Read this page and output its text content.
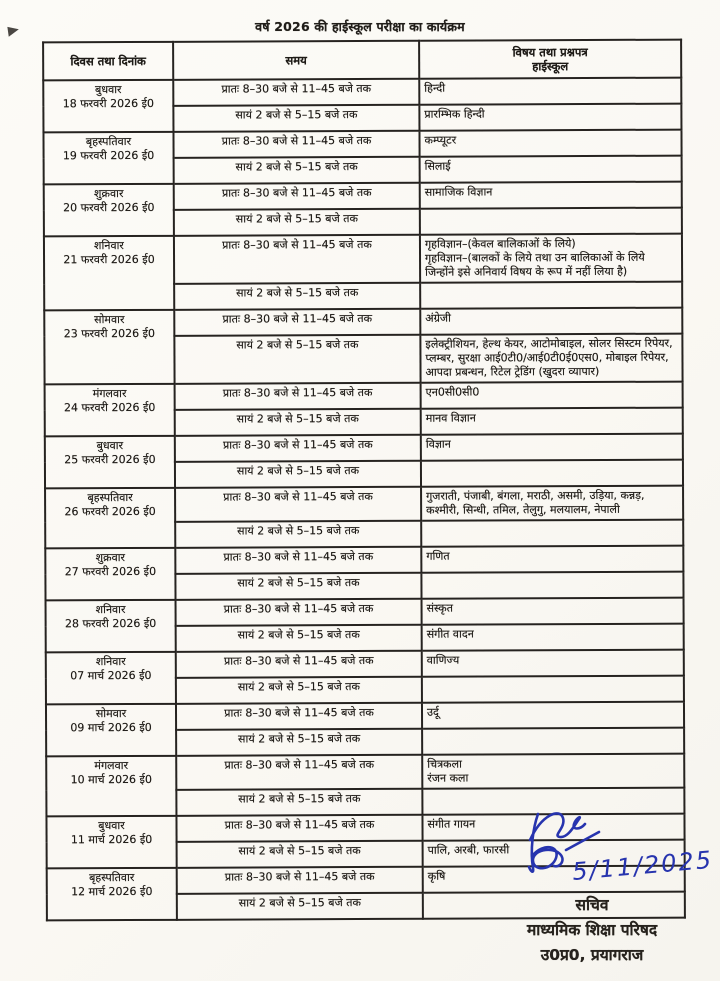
वर्ष 2026 की हाईस्कूल परीक्षा का कार्यक्रम
दिवस तथा दिनांक	समय	विषय तथा प्रश्नपत्र
हाईस्कूल
बुधवार
18 फरवरी 2026 ई0	प्रातः 8–30 बजे से 11–45 बजे तक	हिन्दी
	सायं 2 बजे से 5–15 बजे तक	प्रारम्भिक हिन्दी
बृहस्पतिवार
19 फरवरी 2026 ई0	प्रातः 8–30 बजे से 11–45 बजे तक	कम्प्यूटर
	सायं 2 बजे से 5–15 बजे तक	सिलाई
शुक्रवार
20 फरवरी 2026 ई0	प्रातः 8–30 बजे से 11–45 बजे तक	सामाजिक विज्ञान
	सायं 2 बजे से 5–15 बजे तक	
शनिवार
21 फरवरी 2026 ई0	प्रातः 8–30 बजे से 11–45 बजे तक	गृहविज्ञान–(केवल बालिकाओं के लिये)
गृहविज्ञान–(बालकों के लिये तथा उन बालिकाओं के लिये जिन्होंने इसे अनिवार्य विषय के रूप में नहीं लिया है)
	सायं 2 बजे से 5–15 बजे तक	
सोमवार
23 फरवरी 2026 ई0	प्रातः 8–30 बजे से 11–45 बजे तक	अंग्रेजी
	सायं 2 बजे से 5–15 बजे तक	इलेक्ट्रीशियन, हेल्थ केयर, आटोमोबाइल, सोलर सिस्टम रिपेयर, प्लम्बर, सुरक्षा आई0टी0/आई0टी0ई0एस0, मोबाइल रिपेयर, आपदा प्रबन्धन, रिटेल ट्रेडिंग (खुदरा व्यापार)
मंगलवार
24 फरवरी 2026 ई0	प्रातः 8–30 बजे से 11–45 बजे तक	एन0सी0सी0
	सायं 2 बजे से 5–15 बजे तक	मानव विज्ञान
बुधवार
25 फरवरी 2026 ई0	प्रातः 8–30 बजे से 11–45 बजे तक	विज्ञान
	सायं 2 बजे से 5–15 बजे तक	
बृहस्पतिवार
26 फरवरी 2026 ई0	प्रातः 8–30 बजे से 11–45 बजे तक	गुजराती, पंजाबी, बंगला, मराठी, असमी, उड़िया, कन्नड़, कश्मीरी, सिन्धी, तमिल, तेलुगु, मलयालम, नेपाली
	सायं 2 बजे से 5–15 बजे तक	
शुक्रवार
27 फरवरी 2026 ई0	प्रातः 8–30 बजे से 11–45 बजे तक	गणित
	सायं 2 बजे से 5–15 बजे तक	
शनिवार
28 फरवरी 2026 ई0	प्रातः 8–30 बजे से 11–45 बजे तक	संस्कृत
	सायं 2 बजे से 5–15 बजे तक	संगीत वादन
शनिवार
07 मार्च 2026 ई0	प्रातः 8–30 बजे से 11–45 बजे तक	वाणिज्य
	सायं 2 बजे से 5–15 बजे तक	
सोमवार
09 मार्च 2026 ई0	प्रातः 8–30 बजे से 11–45 बजे तक	उर्दू
	सायं 2 बजे से 5–15 बजे तक	
मंगलवार
10 मार्च 2026 ई0	प्रातः 8–30 बजे से 11–45 बजे तक	चित्रकला
रंजन कला
	सायं 2 बजे से 5–15 बजे तक	
बुधवार
11 मार्च 2026 ई0	प्रातः 8–30 बजे से 11–45 बजे तक	संगीत गायन
	सायं 2 बजे से 5–15 बजे तक	पालि, अरबी, फारसी
बृहस्पतिवार
12 मार्च 2026 ई0	प्रातः 8–30 बजे से 11–45 बजे तक	कृषि
	सायं 2 बजे से 5–15 बजे तक	
5/11/2025
सचिव
माध्यमिक शिक्षा परिषद
उ0प्र0, प्रयागराज
